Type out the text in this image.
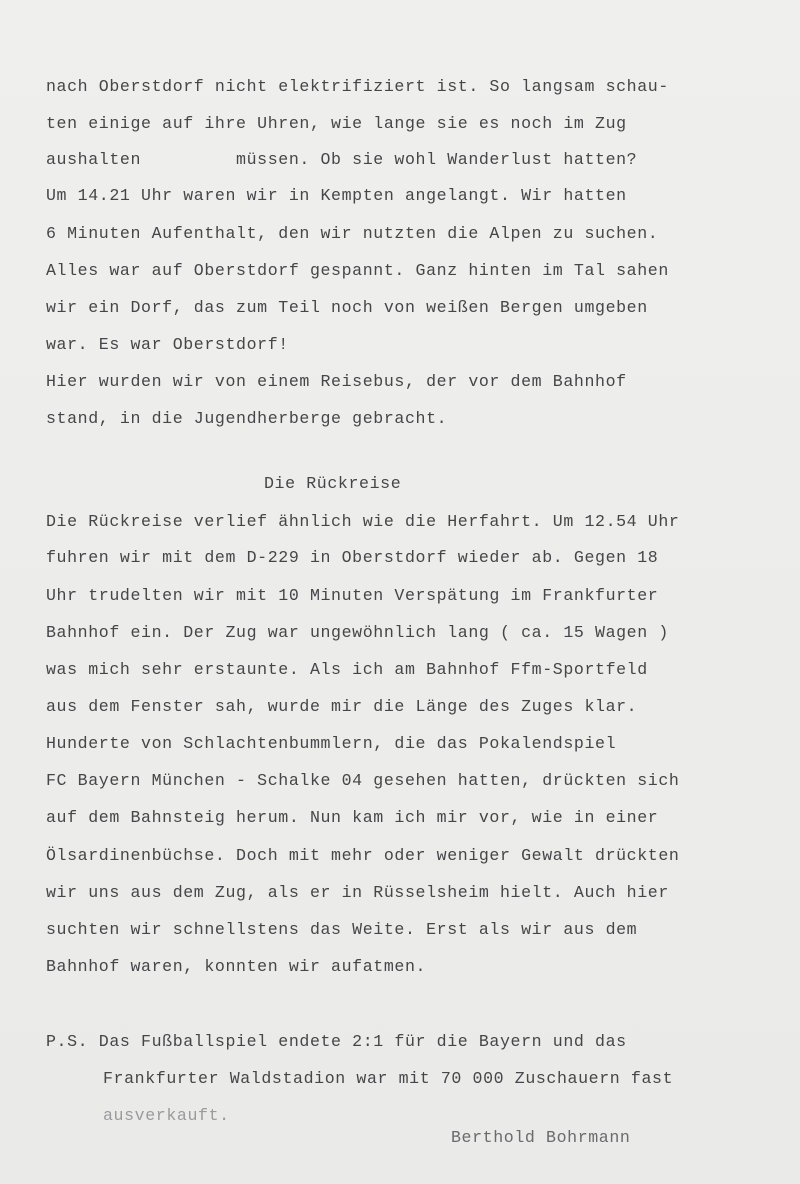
nach Oberstdorf nicht elektrifiziert ist. So langsam schau-
ten einige auf ihre Uhren, wie lange sie es noch im Zug
aushalten         müssen. Ob sie wohl Wanderlust hatten?
Um 14.21 Uhr waren wir in Kempten angelangt. Wir hatten
6 Minuten Aufenthalt, den wir nutzten die Alpen zu suchen.
Alles war auf Oberstdorf gespannt. Ganz hinten im Tal sahen
wir ein Dorf, das zum Teil noch von weißen Bergen umgeben
war. Es war Oberstdorf!
Hier wurden wir von einem Reisebus, der vor dem Bahnhof
stand, in die Jugendherberge gebracht.
Die Rückreise
Die Rückreise verlief ähnlich wie die Herfahrt. Um 12.54 Uhr
fuhren wir mit dem D-229 in Oberstdorf wieder ab. Gegen 18
Uhr trudelten wir mit 10 Minuten Verspätung im Frankfurter
Bahnhof ein. Der Zug war ungewöhnlich lang ( ca. 15 Wagen )
was mich sehr erstaunte. Als ich am Bahnhof Ffm-Sportfeld
aus dem Fenster sah, wurde mir die Länge des Zuges klar.
Hunderte von Schlachtenbummlern, die das Pokalendspiel
FC Bayern München - Schalke 04 gesehen hatten, drückten sich
auf dem Bahnsteig herum. Nun kam ich mir vor, wie in einer
Ölsardinenbüchse. Doch mit mehr oder weniger Gewalt drückten
wir uns aus dem Zug, als er in Rüsselsheim hielt. Auch hier
suchten wir schnellstens das Weite. Erst als wir aus dem
Bahnhof waren, konnten wir aufatmen.
P.S. Das Fußballspiel endete 2:1 für die Bayern und das
Frankfurter Waldstadion war mit 70 000 Zuschauern fast
ausverkauft.
Berthold Bohrmann
